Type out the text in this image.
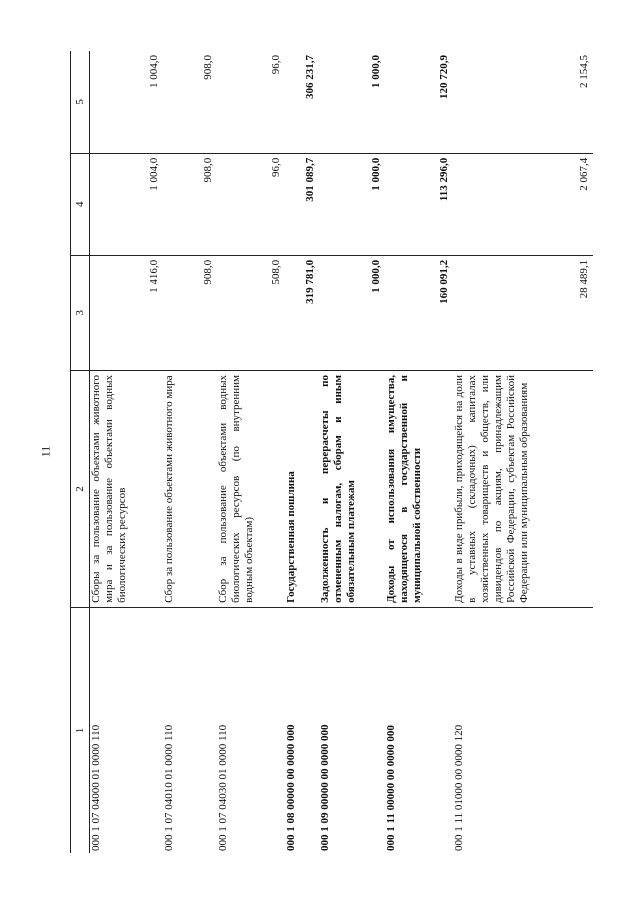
11
1	2	3	4	5
000 1 07 04000 01 0000 110	Сборы за пользование объектами животного мира и за пользование объектами водных биологических ресурсов	1 416,0	1 004,0	1 004,0
000 1 07 04010 01 0000 110	Сбор за пользование объектами животного мира	908,0	908,0	908,0
000 1 07 04030 01 0000 110	Сбор за пользование объектами водных биологических ресурсов (по внутренним водным объектам)	508,0	96,0	96,0
000 1 08 00000 00 0000 000	Государственная пошлина	319 781,0	301 089,7	306 231,7
000 1 09 00000 00 0000 000	Задолженность и перерасчеты по отмененным налогам, сборам и иным обязательным платежам	1 000,0	1 000,0	1 000,0
000 1 11 00000 00 0000 000	Доходы от использования имущества, находящегося в государственной и муниципальной собственности	160 091,2	113 296,0	120 720,9
000 1 11 01000 00 0000 120	Доходы в виде прибыли, приходящейся на доли в уставных (складочных) капиталах хозяйственных товариществ и обществ, или дивидендов по акциям, принадлежащим Российской Федерации, субъектам Российской Федерации или муниципальным образованиям	28 489,1	2 067,4	2 154,5
